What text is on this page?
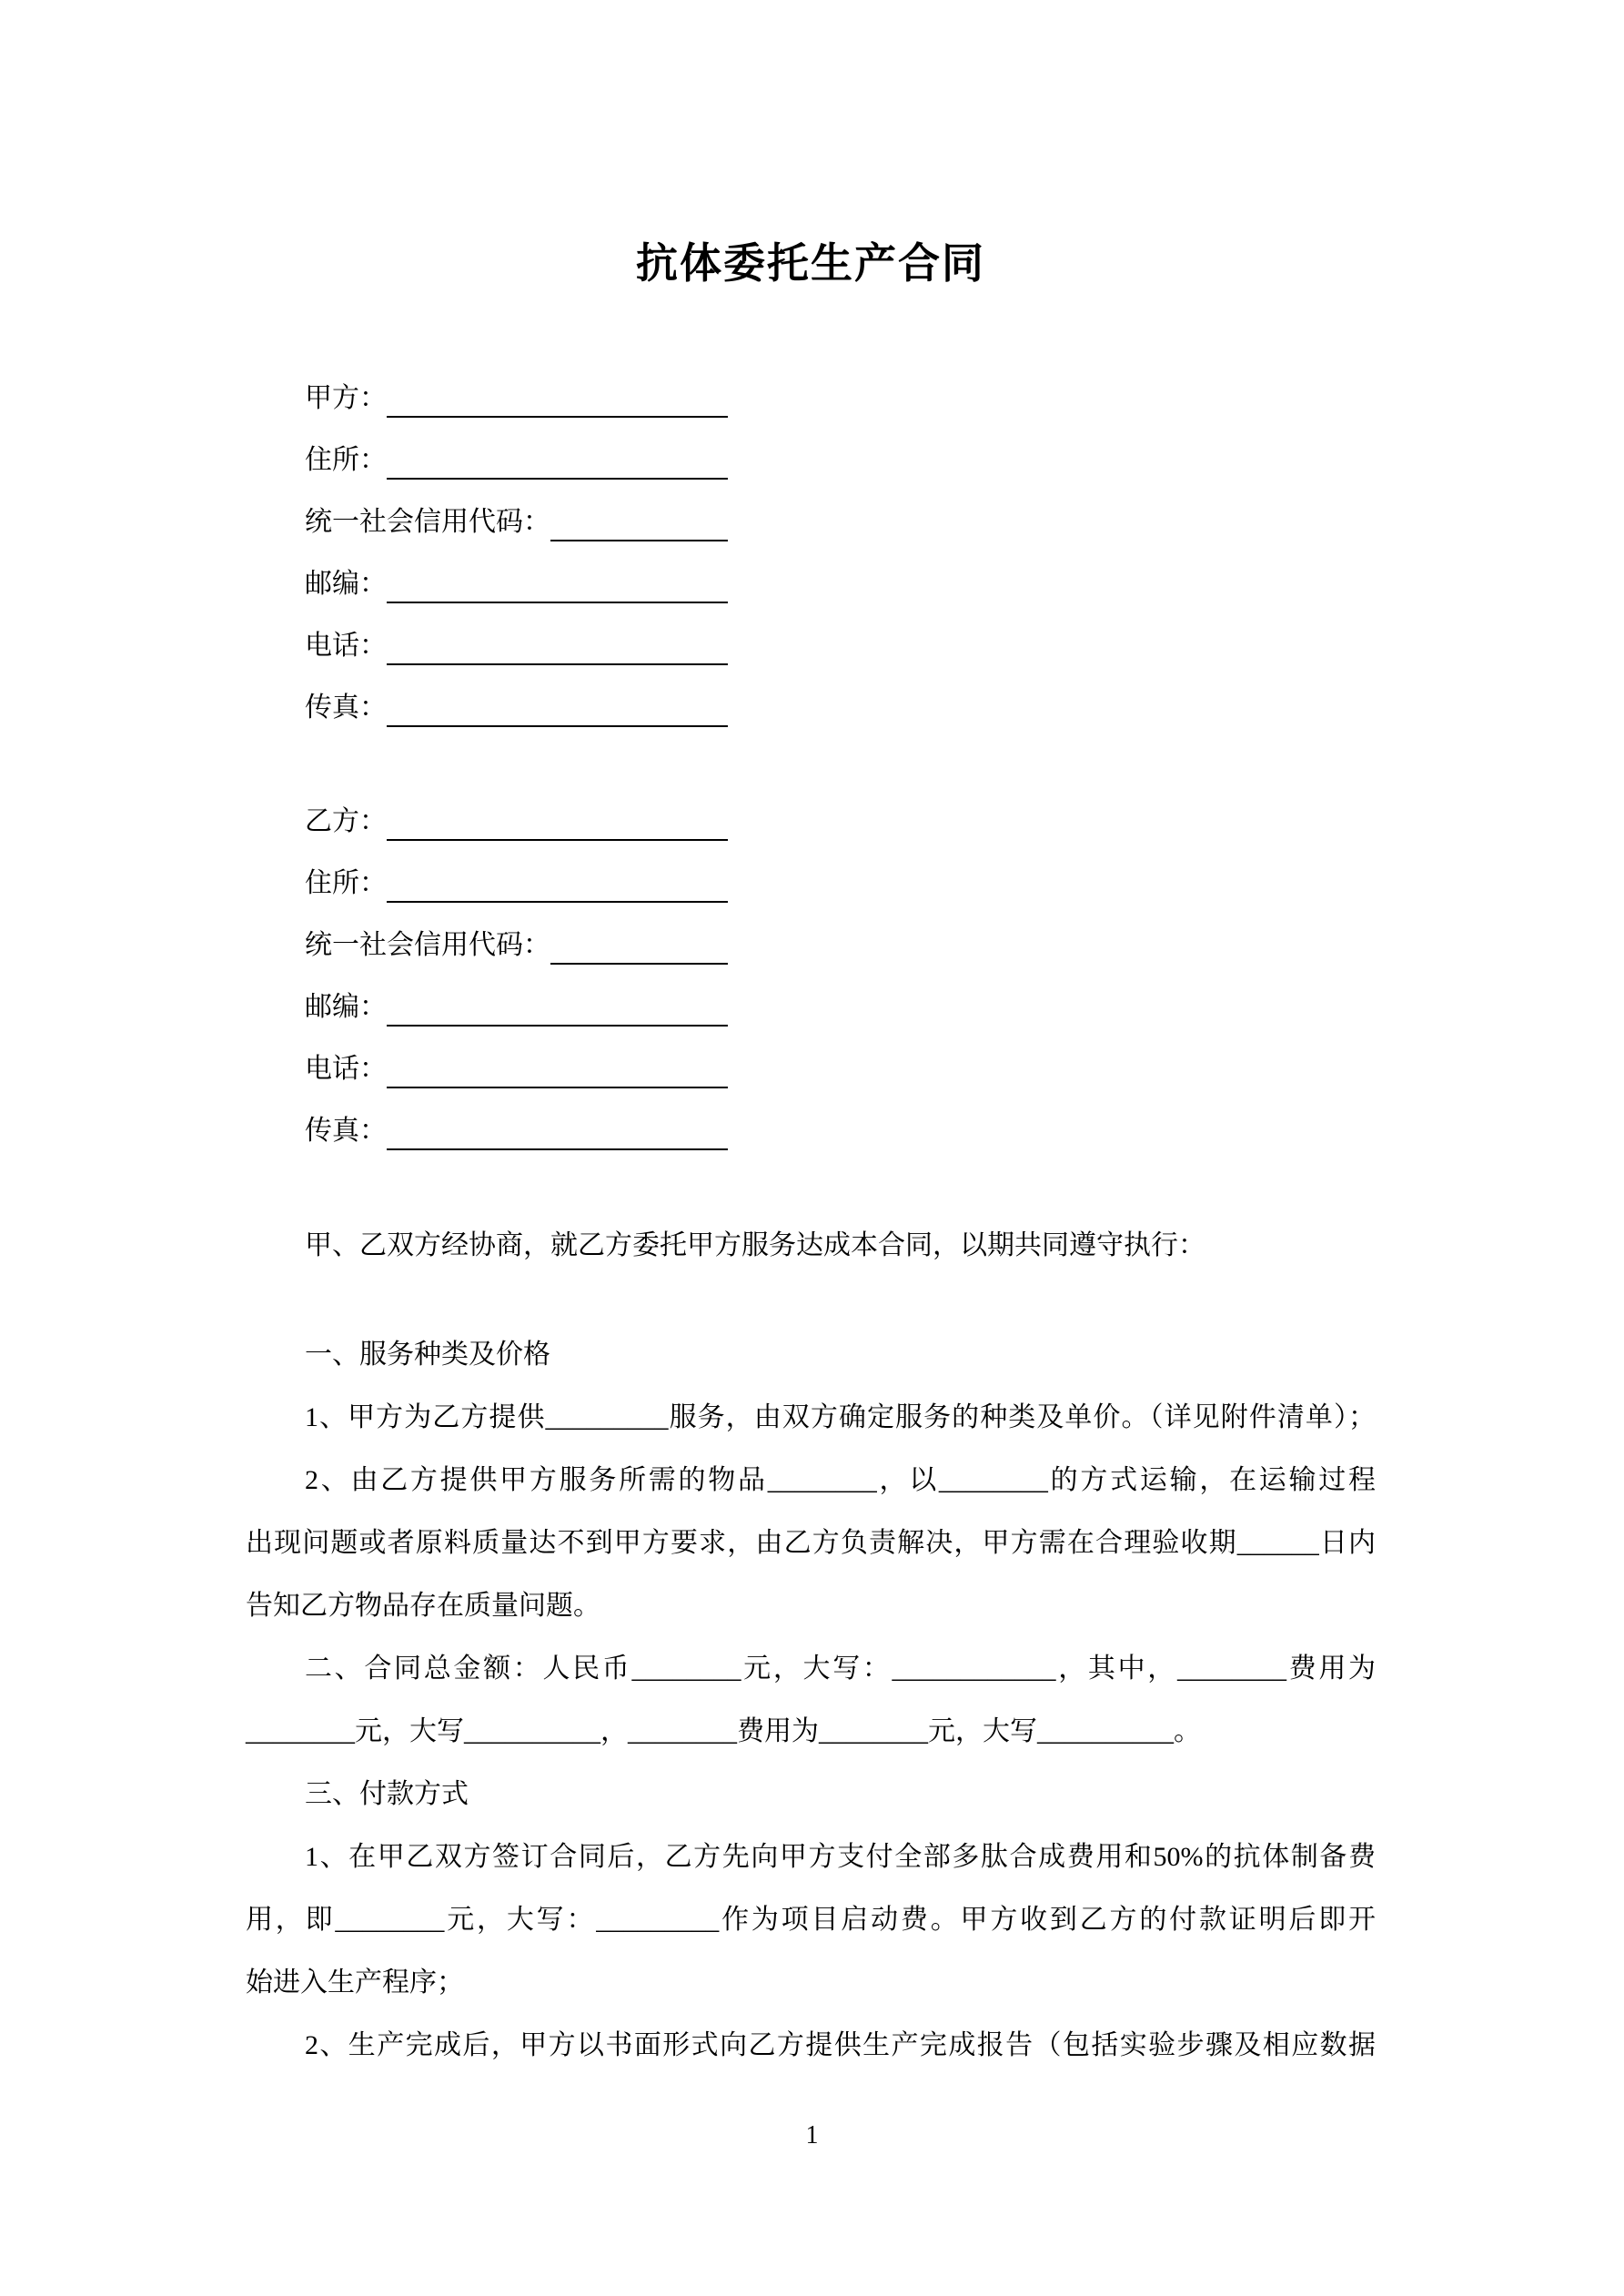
抗体委托生产合同
甲方：
住所：
统一社会信用代码：
邮编：
电话：
传真：
乙方：
住所：
统一社会信用代码：
邮编：
电话：
传真：
甲、乙双方经协商，就乙方委托甲方服务达成本合同，以期共同遵守执行：
一、服务种类及价格
1、甲方为乙方提供_________服务，由双方确定服务的种类及单价。（详见附件清单）；
2、由乙方提供甲方服务所需的物品________，以________的方式运输，在运输过程
出现问题或者原料质量达不到甲方要求，由乙方负责解决，甲方需在合理验收期______日内
告知乙方物品存在质量问题。
二、合同总金额：人民币________元，大写：____________，其中，________费用为
________元，大写__________，________费用为________元，大写__________。
三、付款方式
1、在甲乙双方签订合同后，乙方先向甲方支付全部多肽合成费用和50%的抗体制备费
用，即________元，大写：_________作为项目启动费。甲方收到乙方的付款证明后即开
始进入生产程序；
2、生产完成后，甲方以书面形式向乙方提供生产完成报告（包括实验步骤及相应数据
1
